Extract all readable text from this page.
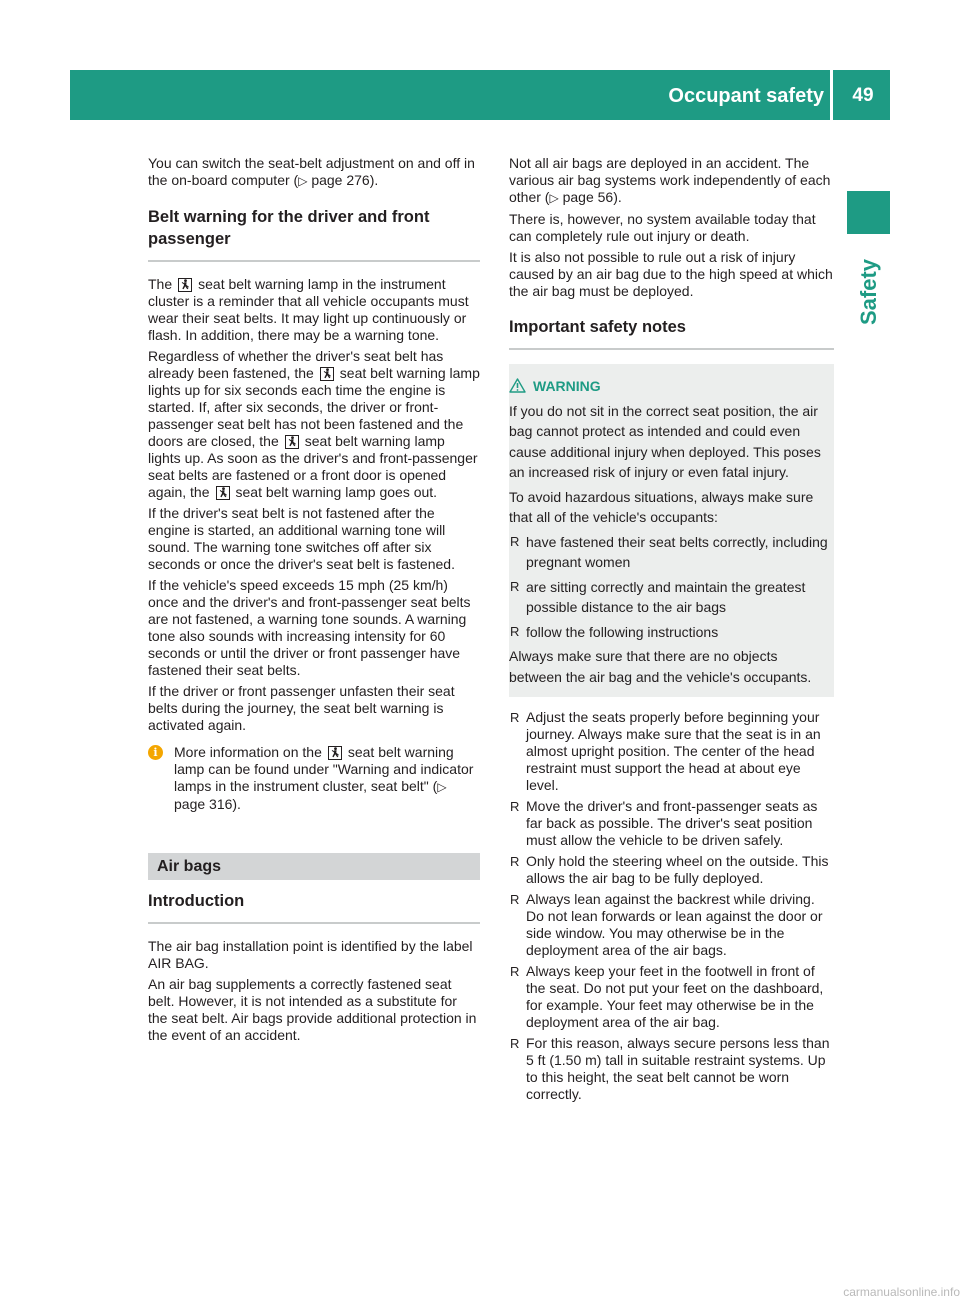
Occupant safety	49
Safety

You can switch the seat-belt adjustment on and off in the on-board computer (▷ page 276).

Belt warning for the driver and front passenger

The seat belt warning lamp in the instrument cluster is a reminder that all vehicle occupants must wear their seat belts. It may light up continuously or flash. In addition, there may be a warning tone.

Regardless of whether the driver's seat belt has already been fastened, the seat belt warning lamp lights up for six seconds each time the engine is started. If, after six seconds, the driver or front-passenger seat belt has not been fastened and the doors are closed, the seat belt warning lamp lights up. As soon as the driver's and front-passenger seat belts are fastened or a front door is opened again, the seat belt warning lamp goes out.

If the driver's seat belt is not fastened after the engine is started, an additional warning tone will sound. The warning tone switches off after six seconds or once the driver's seat belt is fastened.

If the vehicle's speed exceeds 15 mph (25 km/h) once and the driver's and front-passenger seat belts are not fastened, a warning tone sounds. A warning tone also sounds with increasing intensity for 60 seconds or until the driver or front passenger have fastened their seat belts.

If the driver or front passenger unfasten their seat belts during the journey, the seat belt warning is activated again.

i	More information on the seat belt warning lamp can be found under "Warning and indicator lamps in the instrument cluster, seat belt" (▷ page 316).
Air bags
Introduction

The air bag installation point is identified by the label AIR BAG.

An air bag supplements a correctly fastened seat belt. However, it is not intended as a substitute for the seat belt. Air bags provide additional protection in the event of an accident.

Not all air bags are deployed in an accident. The various air bag systems work independently of each other (▷ page 56).

There is, however, no system available today that can completely rule out injury or death.

It is also not possible to rule out a risk of injury caused by an air bag due to the high speed at which the air bag must be deployed.

Important safety notes
WARNING

If you do not sit in the correct seat position, the air bag cannot protect as intended and could even cause additional injury when deployed. This poses an increased risk of injury or even fatal injury.

To avoid hazardous situations, always make sure that all of the vehicle's occupants:

R have fastened their seat belts correctly, including pregnant women
R are sitting correctly and maintain the greatest possible distance to the air bags
R follow the following instructions

Always make sure that there are no objects between the air bag and the vehicle's occupants.

R Adjust the seats properly before beginning your journey. Always make sure that the seat is in an almost upright position. The center of the head restraint must support the head at about eye level.
R Move the driver's and front-passenger seats as far back as possible. The driver's seat position must allow the vehicle to be driven safely.
R Only hold the steering wheel on the outside. This allows the air bag to be fully deployed.
R Always lean against the backrest while driving. Do not lean forwards or lean against the door or side window. You may otherwise be in the deployment area of the air bags.
R Always keep your feet in the footwell in front of the seat. Do not put your feet on the dashboard, for example. Your feet may otherwise be in the deployment area of the air bag.
R For this reason, always secure persons less than 5 ft (1.50 m) tall in suitable restraint systems. Up to this height, the seat belt cannot be worn correctly.
carmanualsonline.info
